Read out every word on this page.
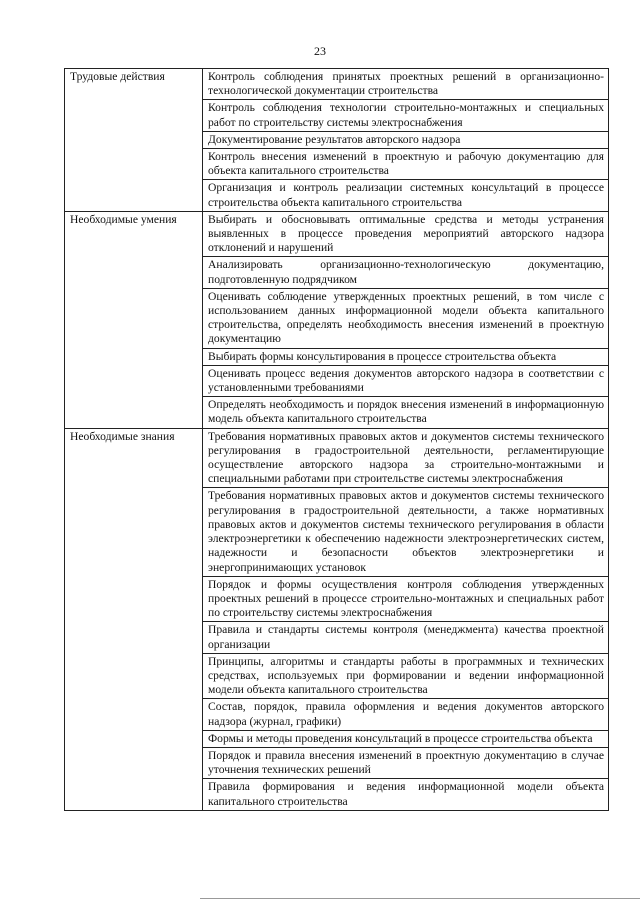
23
Трудовые действия	Контроль соблюдения принятых проектных решений в организационно-технологической документации строительства
	Контроль соблюдения технологии строительно-монтажных и специальных работ по строительству системы электроснабжения
	Документирование результатов авторского надзора
	Контроль внесения изменений в проектную и рабочую документацию для объекта капитального строительства
	Организация и контроль реализации системных консультаций в процессе строительства объекта капитального строительства
Необходимые умения	Выбирать и обосновывать оптимальные средства и методы устранения выявленных в процессе проведения мероприятий авторского надзора отклонений и нарушений
	Анализировать организационно-технологическую документацию, подготовленную подрядчиком
	Оценивать соблюдение утвержденных проектных решений, в том числе с использованием данных информационной модели объекта капитального строительства, определять необходимость внесения изменений в проектную документацию
	Выбирать формы консультирования в процессе строительства объекта
	Оценивать процесс ведения документов авторского надзора в соответствии с установленными требованиями
	Определять необходимость и порядок внесения изменений в информационную модель объекта капитального строительства
Необходимые знания	Требования нормативных правовых актов и документов системы технического регулирования в градостроительной деятельности, регламентирующие осуществление авторского надзора за строительно-монтажными и специальными работами при строительстве системы электроснабжения
	Требования нормативных правовых актов и документов системы технического регулирования в градостроительной деятельности, а также нормативных правовых актов и документов системы технического регулирования в области электроэнергетики к обеспечению надежности электроэнергетических систем, надежности и безопасности объектов электроэнергетики и энергопринимающих установок
	Порядок и формы осуществления контроля соблюдения утвержденных проектных решений в процессе строительно-монтажных и специальных работ по строительству системы электроснабжения
	Правила и стандарты системы контроля (менеджмента) качества проектной организации
	Принципы, алгоритмы и стандарты работы в программных и технических средствах, используемых при формировании и ведении информационной модели объекта капитального строительства
	Состав, порядок, правила оформления и ведения документов авторского надзора (журнал, графики)
	Формы и методы проведения консультаций в процессе строительства объекта
	Порядок и правила внесения изменений в проектную документацию в случае уточнения технических решений
	Правила формирования и ведения информационной модели объекта капитального строительства
